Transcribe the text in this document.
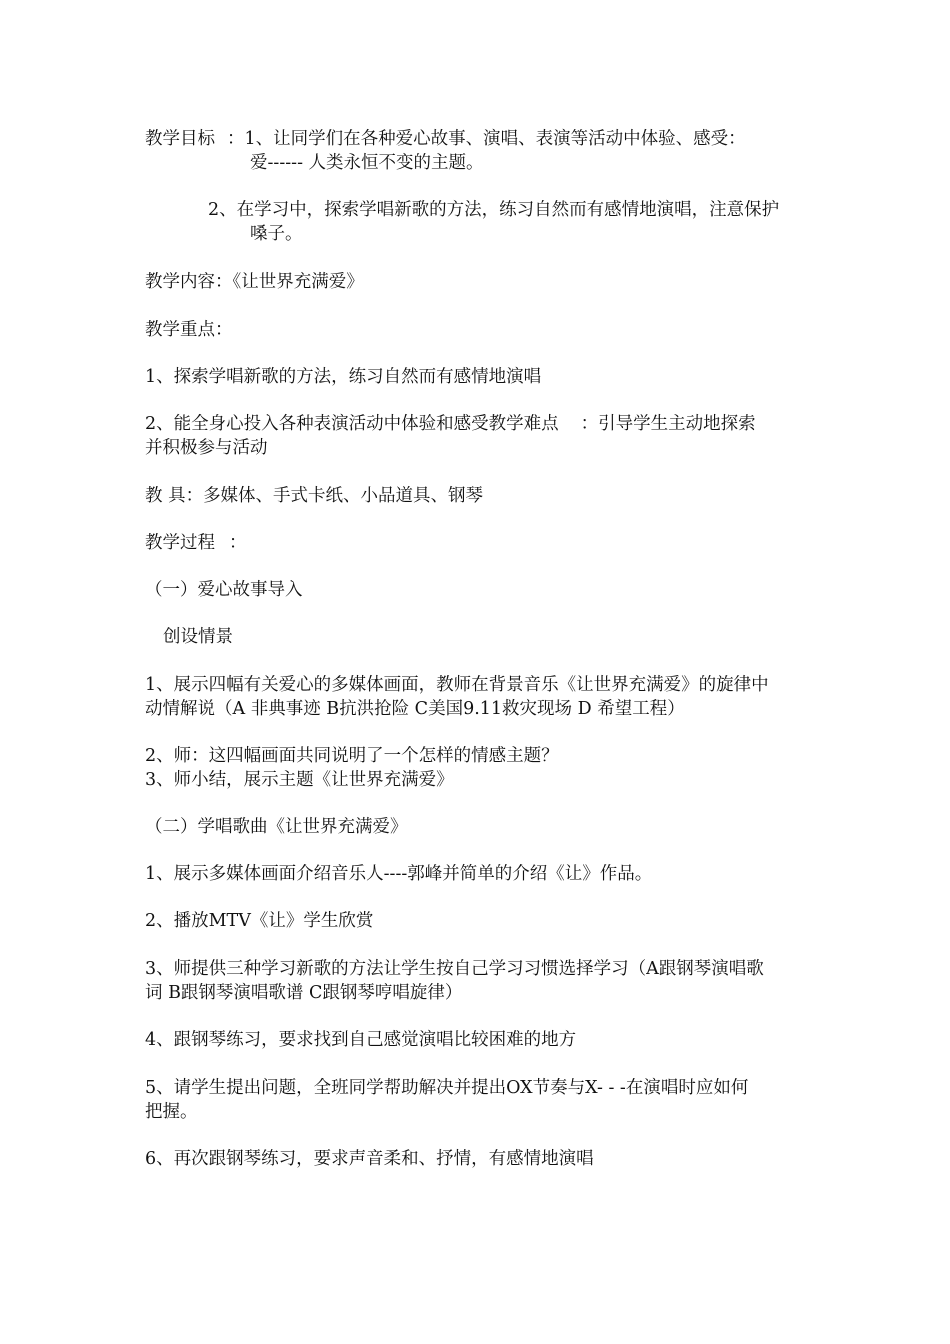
教学目标 ：1、让同学们在各种爱心故事、演唱、表演等活动中体验、感受：
爱------ 人类永恒不变的主题。
2、在学习中，探索学唱新歌的方法，练习自然而有感情地演唱，注意保护
嗓子。
教学内容：《让世界充满爱》
教学重点：
1、探索学唱新歌的方法，练习自然而有感情地演唱
2、能全身心投入各种表演活动中体验和感受教学难点 ：引导学生主动地探索
并积极参与活动
教 具：多媒体、手式卡纸、小品道具、钢琴
教学过程 ：
（一）爱心故事导入
创设情景
1、展示四幅有关爱心的多媒体画面，教师在背景音乐《让世界充满爱》的旋律中
动情解说（A 非典事迹 B抗洪抢险 C美国9.11救灾现场 D 希望工程）
2、师：这四幅画面共同说明了一个怎样的情感主题？
3、师小结，展示主题《让世界充满爱》
（二）学唱歌曲《让世界充满爱》
1、展示多媒体画面介绍音乐人----郭峰并简单的介绍《让》作品。
2、播放MTV《让》学生欣赏
3、师提供三种学习新歌的方法让学生按自己学习习惯选择学习（A跟钢琴演唱歌
词 B跟钢琴演唱歌谱 C跟钢琴哼唱旋律）
4、跟钢琴练习，要求找到自己感觉演唱比较困难的地方
5、请学生提出问题，全班同学帮助解决并提出OX节奏与X- - -在演唱时应如何
把握。
6、再次跟钢琴练习，要求声音柔和、抒情，有感情地演唱
